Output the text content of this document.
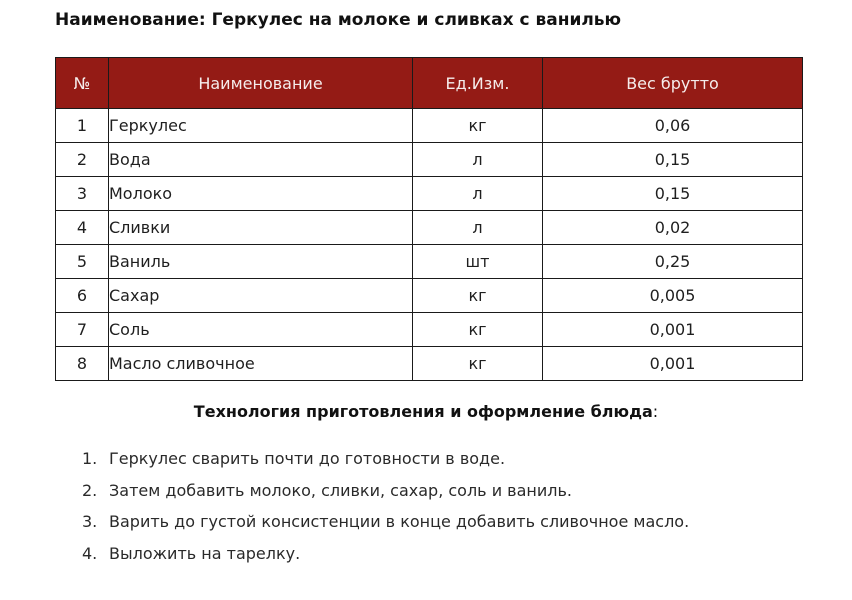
Наименование: Геркулес на молоке и сливках с ванилью
№	Наименование	Ед.Изм.	Вес брутто
1	Геркулес	кг	0,06
2	Вода	л	0,15
3	Молоко	л	0,15
4	Сливки	л	0,02
5	Ваниль	шт	0,25
6	Сахар	кг	0,005
7	Соль	кг	0,001
8	Масло сливочное	кг	0,001
Технология приготовления и оформление блюда:
1. Геркулес сварить почти до готовности в воде.
2. Затем добавить молоко, сливки, сахар, соль и ваниль.
3. Варить до густой консистенции в конце добавить сливочное масло.
4. Выложить на тарелку.
